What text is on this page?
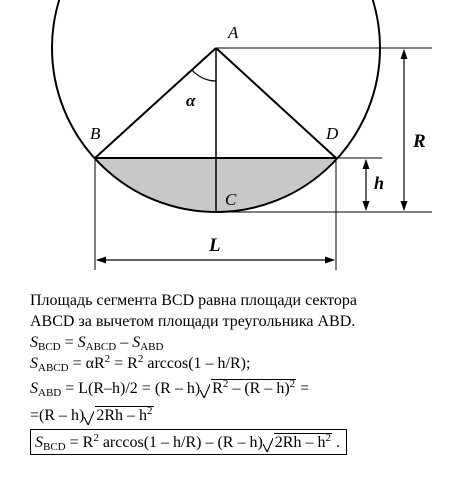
A
B
C
D
α
R
h
L
Площадь сегмента BCD равна площади сектора
ABCD за вычетом площади треугольника ABD.
$S_{BCD} = S_{ABCD} - S_{ABD}$
$S_{ABCD} = \alpha R^2 = R^2$ arccos(1 – h/R);
$S_{ABD} = L(R-h)/2 = (R - h)$ $R^2 - (R - h)^2$ =
=(R – h) $2Rh - h^2$
$S_{BCD} = R^2$ arccos(1 – h/R) – (R – h) $2Rh - h^2$ .
